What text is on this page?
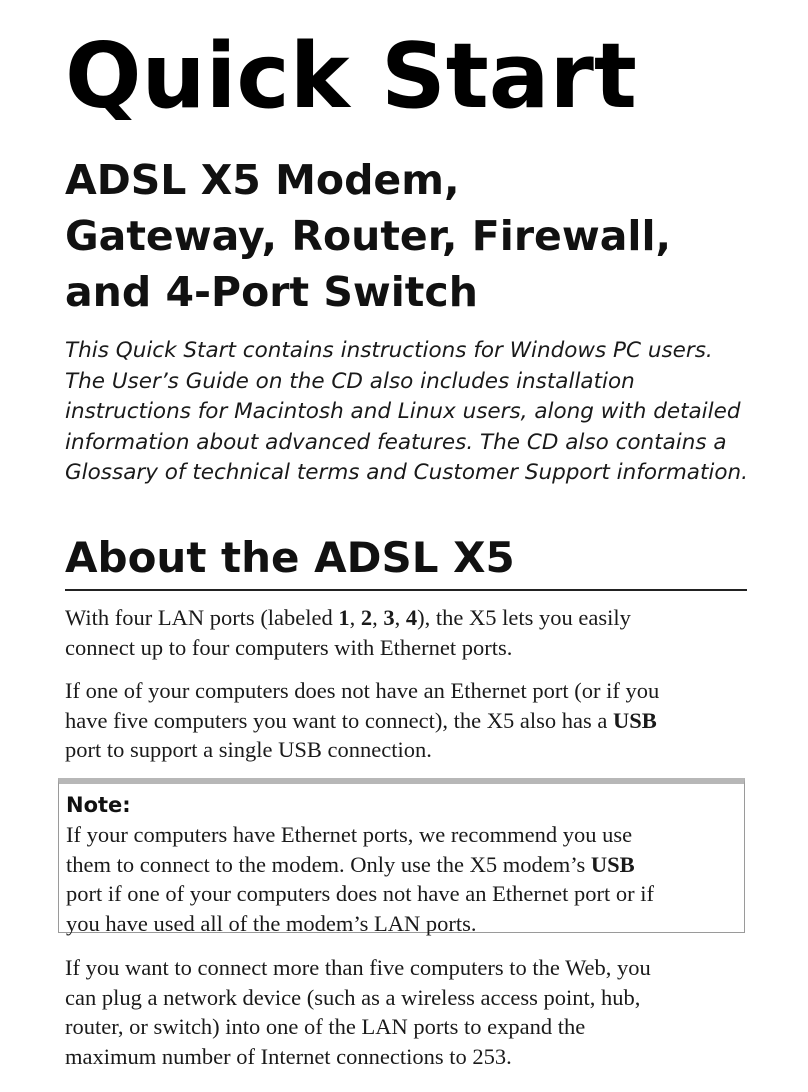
Quick Start
ADSL X5 Modem,
Gateway, Router, Firewall,
and 4-Port Switch

This Quick Start contains instructions for Windows PC users.
The User’s Guide on the CD also includes installation
instructions for Macintosh and Linux users, along with detailed
information about advanced features. The CD also contains a
Glossary of technical terms and Customer Support information.

About the ADSL X5

With four LAN ports (labeled 1, 2, 3, 4), the X5 lets you easily
connect up to four computers with Ethernet ports.

If one of your computers does not have an Ethernet port (or if you
have five computers you want to connect), the X5 also has a USB
port to support a single USB connection.

Note:

If your computers have Ethernet ports, we recommend you use
them to connect to the modem. Only use the X5 modem’s USB
port if one of your computers does not have an Ethernet port or if
you have used all of the modem’s LAN ports.

If you want to connect more than five computers to the Web, you
can plug a network device (such as a wireless access point, hub,
router, or switch) into one of the LAN ports to expand the
maximum number of Internet connections to 253.
